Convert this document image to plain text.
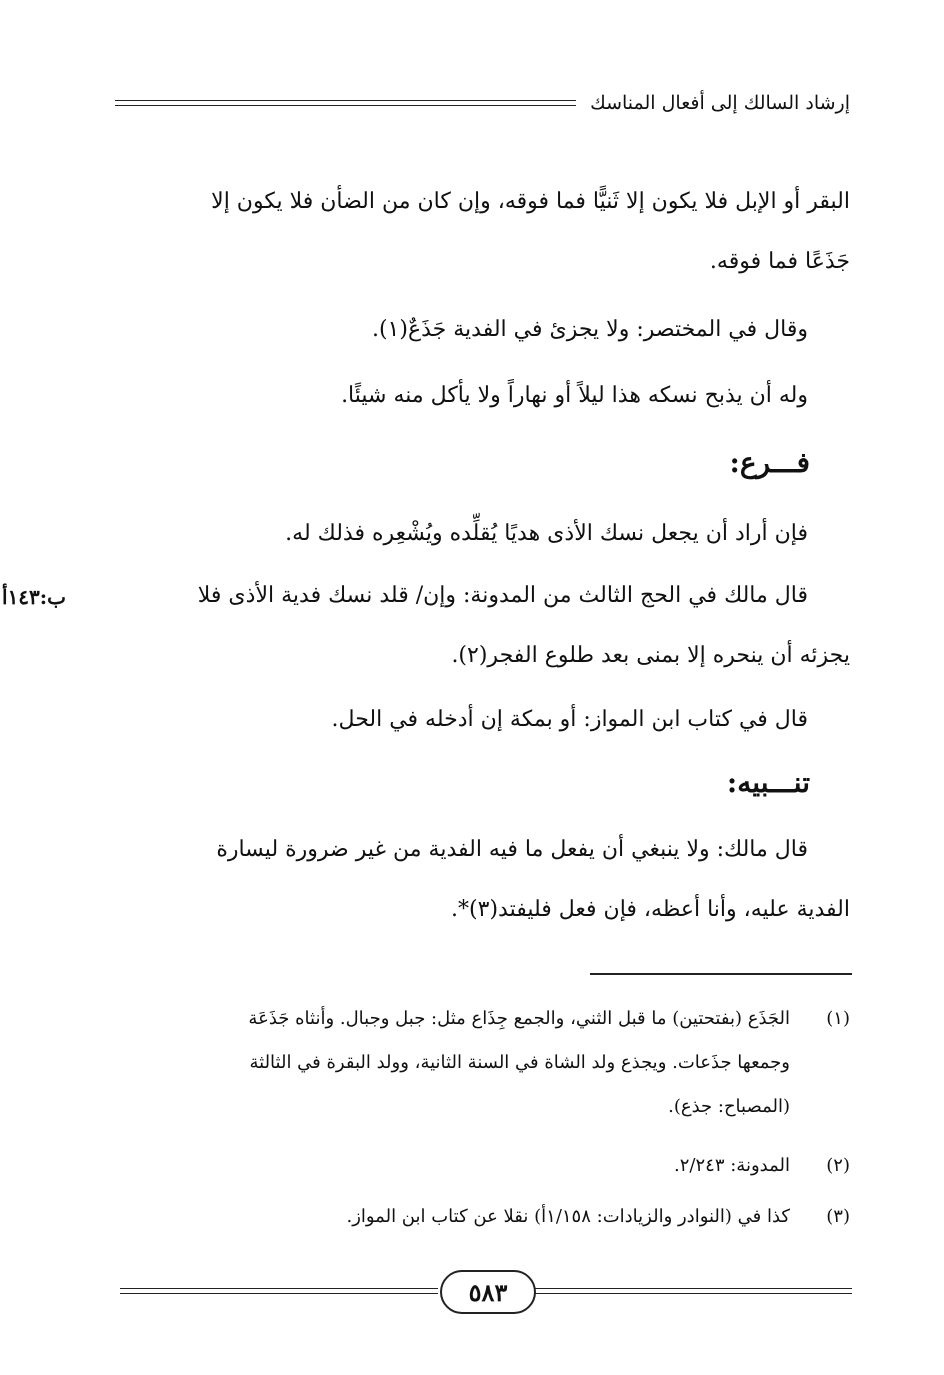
إرشاد السالك إلى أفعال المناسك
البقر أو الإبل فلا يكون إلا ثَنيًّا فما فوقه، وإن كان من الضأن فلا يكون إلا
جَذَعًا فما فوقه.
وقال في المختصر: ولا يجزئ في الفدية جَذَعٌ(١).
وله أن يذبح نسكه هذا ليلاً أو نهاراً ولا يأكل منه شيئًا.
فـــرع:
فإن أراد أن يجعل نسك الأذى هديًا يُقلِّده ويُشْعِره فذلك له.
قال مالك في الحج الثالث من المدونة: وإن/ قلد نسك فدية الأذى فلا
ب:١٤٣أ
يجزئه أن ينحره إلا بمنى بعد طلوع الفجر(٢).
قال في كتاب ابن المواز: أو بمكة إن أدخله في الحل.
تنـــبيه:
قال مالك: ولا ينبغي أن يفعل ما فيه الفدية من غير ضرورة ليسارة
الفدية عليه، وأنا أعظه، فإن فعل فليفتد(٣)*.
(١)الجَذَع (بفتحتين) ما قبل الثني، والجمع جِذَاع مثل: جبل وجبال. وأنثاه جَذَعَة
وجمعها جذَعات. ويجذع ولد الشاة في السنة الثانية، وولد البقرة في الثالثة
(المصباح: جذع).
(٢)المدونة: ٢/٢٤٣.
(٣)كذا في (النوادر والزيادات: ١/١٥٨أ) نقلا عن كتاب ابن المواز.
٥٨٣
